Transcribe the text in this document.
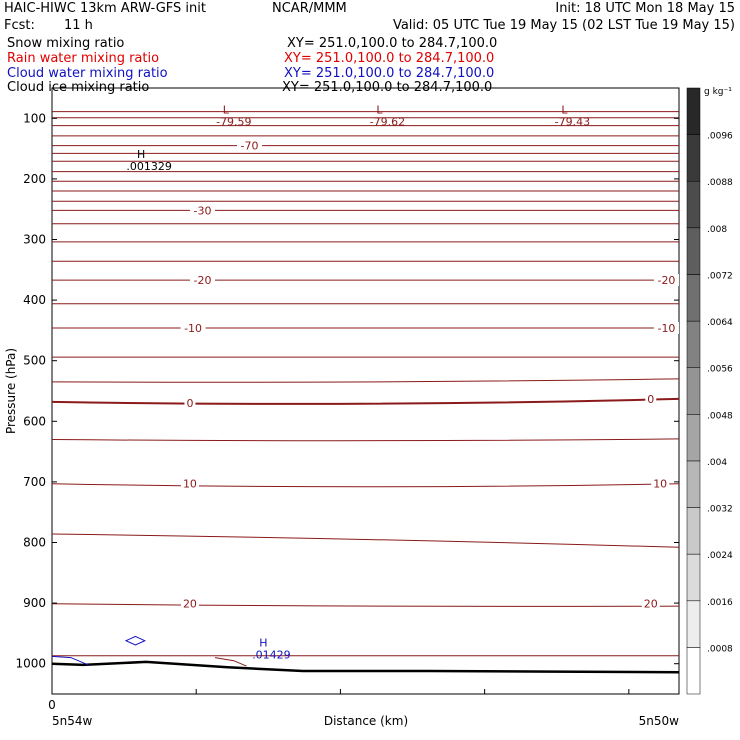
HAIC-HIWC 13km ARW-GFS init	NCAR/MMM	Init: 18 UTC Mon 18 May 15
Fcst: 11 h	Valid: 05 UTC Tue 19 May 15 (02 LST Tue 19 May 15)
Snow mixing ratio	XY= 251.0,100.0 to 284.7,100.0
Rain water mixing ratio	XY= 251.0,100.0 to 284.7,100.0
Cloud water mixing ratio	XY= 251.0,100.0 to 284.7,100.0
Cloud ice mixing ratio	XY= 251.0,100.0 to 284.7,100.0
100
200
300
400
500
600
700
800
900
1000
-70
-30
-20	-20
-10	-10
0	0
10	10
20	20
L
-79.59
L
-79.62
L
-79.43
H
.001329
H
.01429	.0008
.0016
.0024
.0032
.004
.0048
.0056
.0064
.0072
.008
.0088
.0096
Pressure (hPa)
Distance (km)
0
5n54w	5n50w
g kg⁻¹
